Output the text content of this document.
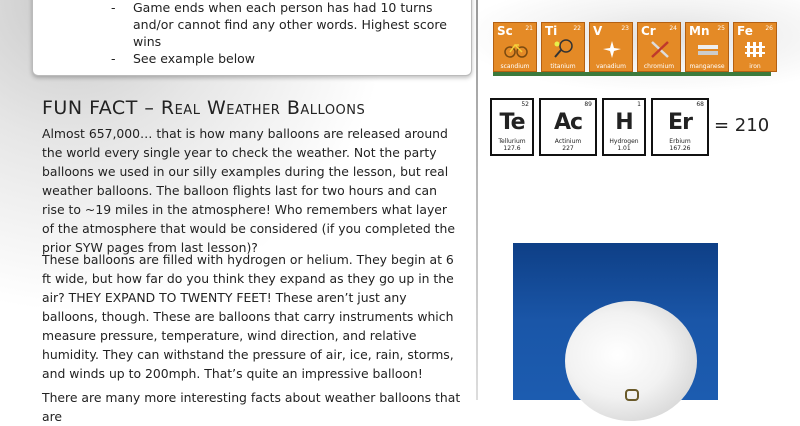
- Game ends when each person has had 10 turns and/or cannot find any other words. Highest score wins
- See example below
FUN FACT – Real Weather Balloons

Almost 657,000… that is how many balloons are released around the world every single year to check the weather. Not the party balloons we used in our silly examples during the lesson, but real weather balloons. The balloon flights last for two hours and can rise to ~19 miles in the atmosphere! Who remembers what layer of the atmosphere that would be considered (if you completed the prior SYW pages from last lesson)?

These balloons are filled with hydrogen or helium. They begin at 6 ft wide, but how far do you think they expand as they go up in the air? THEY EXPAND TO TWENTY FEET! These aren’t just any balloons, though. These are balloons that carry instruments which measure pressure, temperature, wind direction, and relative humidity. They can withstand the pressure of air, ice, rain, storms, and winds up to 200mph. That’s quite an impressive balloon!

There are many more interesting facts about weather balloons that are

Sc 21
scandium
Ti	22
titanium
V	23
vanadium
Cr 24
chromium
Mn 25
manganese
Fe 26
iron
52
Te
Tellurium
127.6
89
Ac
Actinium
227
1
H
Hydrogen
1.01
68
Er
Erbium
167.26
= 210
